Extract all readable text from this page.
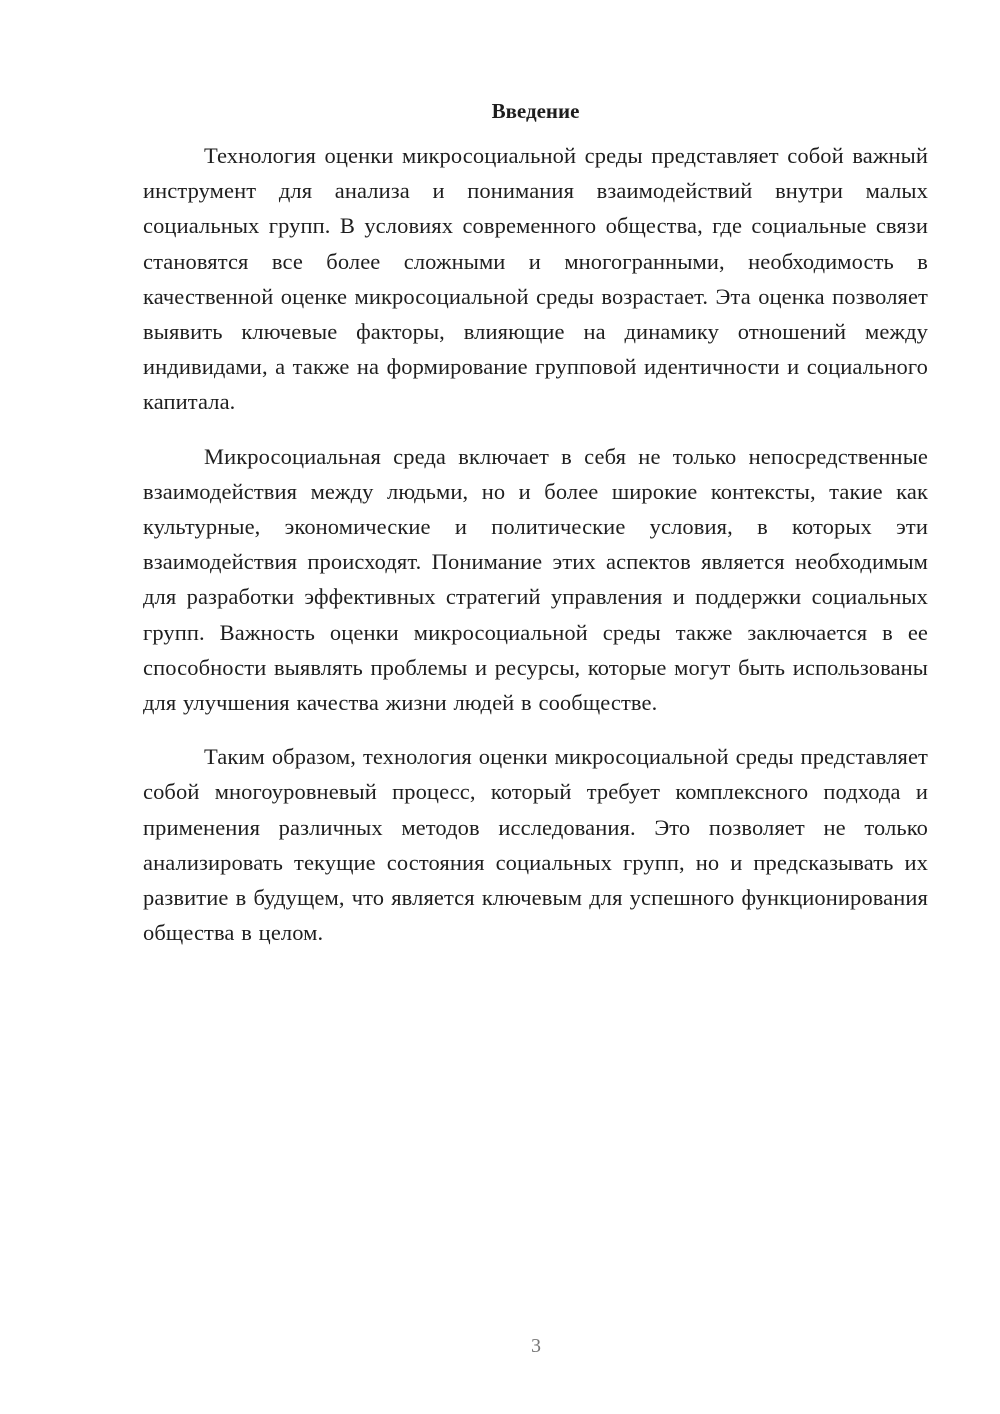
Введение

Технология оценки микросоциальной среды представляет собой важный инструмент для анализа и понимания взаимодействий внутри малых социальных групп. В условиях современного общества, где социальные связи становятся все более сложными и многогранными, необходимость в качественной оценке микросоциальной среды возрастает. Эта оценка позволяет выявить ключевые факторы, влияющие на динамику отношений между индивидами, а также на формирование групповой идентичности и социального капитала.

Микросоциальная среда включает в себя не только непосредственные взаимодействия между людьми, но и более широкие контексты, такие как культурные, экономические и политические условия, в которых эти взаимодействия происходят. Понимание этих аспектов является необходимым для разработки эффективных стратегий управления и поддержки социальных групп. Важность оценки микросоциальной среды также заключается в ее способности выявлять проблемы и ресурсы, которые могут быть использованы для улучшения качества жизни людей в сообществе.

Таким образом, технология оценки микросоциальной среды представляет собой многоуровневый процесс, который требует комплексного подхода и применения различных методов исследования. Это позволяет не только анализировать текущие состояния социальных групп, но и предсказывать их развитие в будущем, что является ключевым для успешного функционирования общества в целом.

3
